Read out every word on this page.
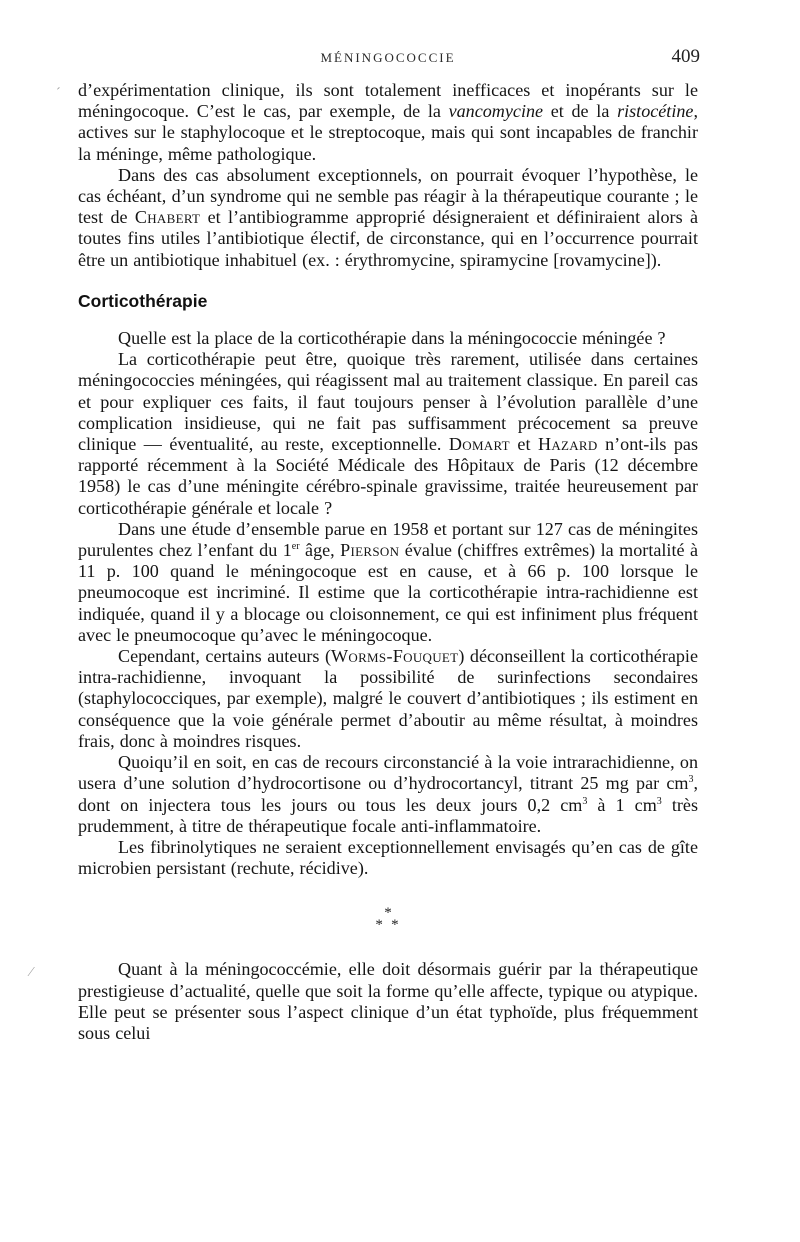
MÉNINGOCOCCIE	409

d’expérimentation clinique, ils sont totalement inefficaces et inopérants sur le méningocoque. C’est le cas, par exemple, de la vancomycine et de la ristocétine, actives sur le staphylocoque et le streptocoque, mais qui sont incapables de franchir la méninge, même pathologique.

Dans des cas absolument exceptionnels, on pourrait évoquer l’hypothèse, le cas échéant, d’un syndrome qui ne semble pas réagir à la thérapeutique courante ; le test de Chabert et l’antibiogramme approprié désigneraient et définiraient alors à toutes fins utiles l’antibiotique électif, de circonstance, qui en l’occurrence pourrait être un antibiotique inhabituel (ex. : érythromycine, spiramycine [rovamycine]).

Corticothérapie

Quelle est la place de la corticothérapie dans la méningococcie méningée ?

La corticothérapie peut être, quoique très rarement, utilisée dans certaines méningococcies méningées, qui réagissent mal au traitement classique. En pareil cas et pour expliquer ces faits, il faut toujours penser à l’évolution parallèle d’une complication insidieuse, qui ne fait pas suffisamment précocement sa preuve clinique — éventualité, au reste, exceptionnelle. Domart et Hazard n’ont-ils pas rapporté récemment à la Société Médicale des Hôpitaux de Paris (12 décembre 1958) le cas d’une méningite cérébro-spinale gravissime, traitée heureusement par corticothérapie générale et locale ?

Dans une étude d’ensemble parue en 1958 et portant sur 127 cas de méningites purulentes chez l’enfant du 1er âge, Pierson évalue (chiffres extrêmes) la mortalité à 11 p. 100 quand le méningocoque est en cause, et à 66 p. 100 lorsque le pneumocoque est incriminé. Il estime que la corticothérapie intra-rachidienne est indiquée, quand il y a blocage ou cloisonnement, ce qui est infiniment plus fréquent avec le pneumocoque qu’avec le méningocoque.

Cependant, certains auteurs (Worms-Fouquet) déconseillent la corticothérapie intra-rachidienne, invoquant la possibilité de surinfections secondaires (staphylococciques, par exemple), malgré le couvert d’antibiotiques ; ils estiment en conséquence que la voie générale permet d’aboutir au même résultat, à moindres frais, donc à moindres risques.

Quoiqu’il en soit, en cas de recours circonstancié à la voie intrarachidienne, on usera d’une solution d’hydrocortisone ou d’hydrocortancyl, titrant 25 mg par $cm^3$, dont on injectera tous les jours ou tous les deux jours 0,2 $cm^3$ à 1 $cm^3$ très prudemment, à titre de thérapeutique focale anti-inflammatoire.

Les fibrinolytiques ne seraient exceptionnellement envisagés qu’en cas de gîte microbien persistant (rechute, récidive).

*
* *

Quant à la méningococcémie, elle doit désormais guérir par la thérapeutique prestigieuse d’actualité, quelle que soit la forme qu’elle affecte, typique ou atypique. Elle peut se présenter sous l’aspect clinique d’un état typhoïde, plus fréquemment sous celui

´
⁄
